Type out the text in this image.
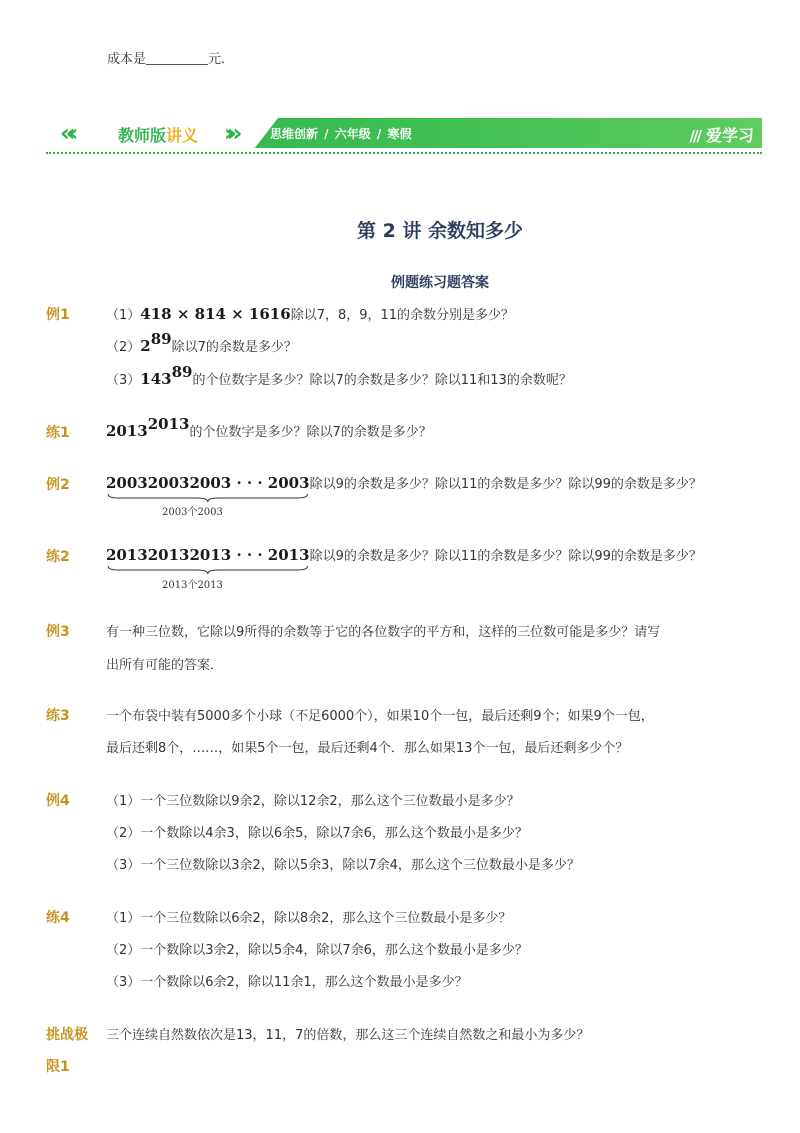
成本是	元．
«‹	教师版讲义 ›»	思维创新 / 六年级 / 寒假	/// 爱学习
第 2 讲 余数知多少
例题练习题答案
例1	（1）418 × 814 × 1616除以7，8，9，11的余数分别是多少？
$(2)2^{89}$除以7的余数是多少？
$(3)143^{89}$的个位数字是多少？除以7的余数是多少？除以11和13的余数呢？
练1 $2013^{2013}$的个位数字是多少？除以7的余数是多少？
例2 200320032003 · · · 2003
除以9的余数是多少？除以11的余数是多少？除以99的余数是多少？
2003个2003
练2 201320132013 · · · 2013
除以9的余数是多少？除以11的余数是多少？除以99的余数是多少？
2013个2013
例3	有一种三位数，它除以9所得的余数等于它的各位数字的平方和，这样的三位数可能是多少？请写
出所有可能的答案．
练3	一个布袋中装有5000多个小球（不足6000个），如果10个一包，最后还剩9个；如果9个一包，
最后还剩8个，……，如果5个一包，最后还剩4个．那么如果13个一包，最后还剩多少个？
例4	（1）一个三位数除以9余2，除以12余2，那么这个三位数最小是多少？
（2）一个数除以4余3，除以6余5，除以7余6，那么这个数最小是多少？
（3）一个三位数除以3余2，除以5余3，除以7余4，那么这个三位数最小是多少？
练4	（1）一个三位数除以6余2，除以8余2，那么这个三位数最小是多少？
（2）一个数除以3余2，除以5余4，除以7余6，那么这个数最小是多少？
（3）一个数除以6余2，除以11余1，那么这个数最小是多少？
挑战极
限1
三个连续自然数依次是13，11，7的倍数，那么这三个连续自然数之和最小为多少？
